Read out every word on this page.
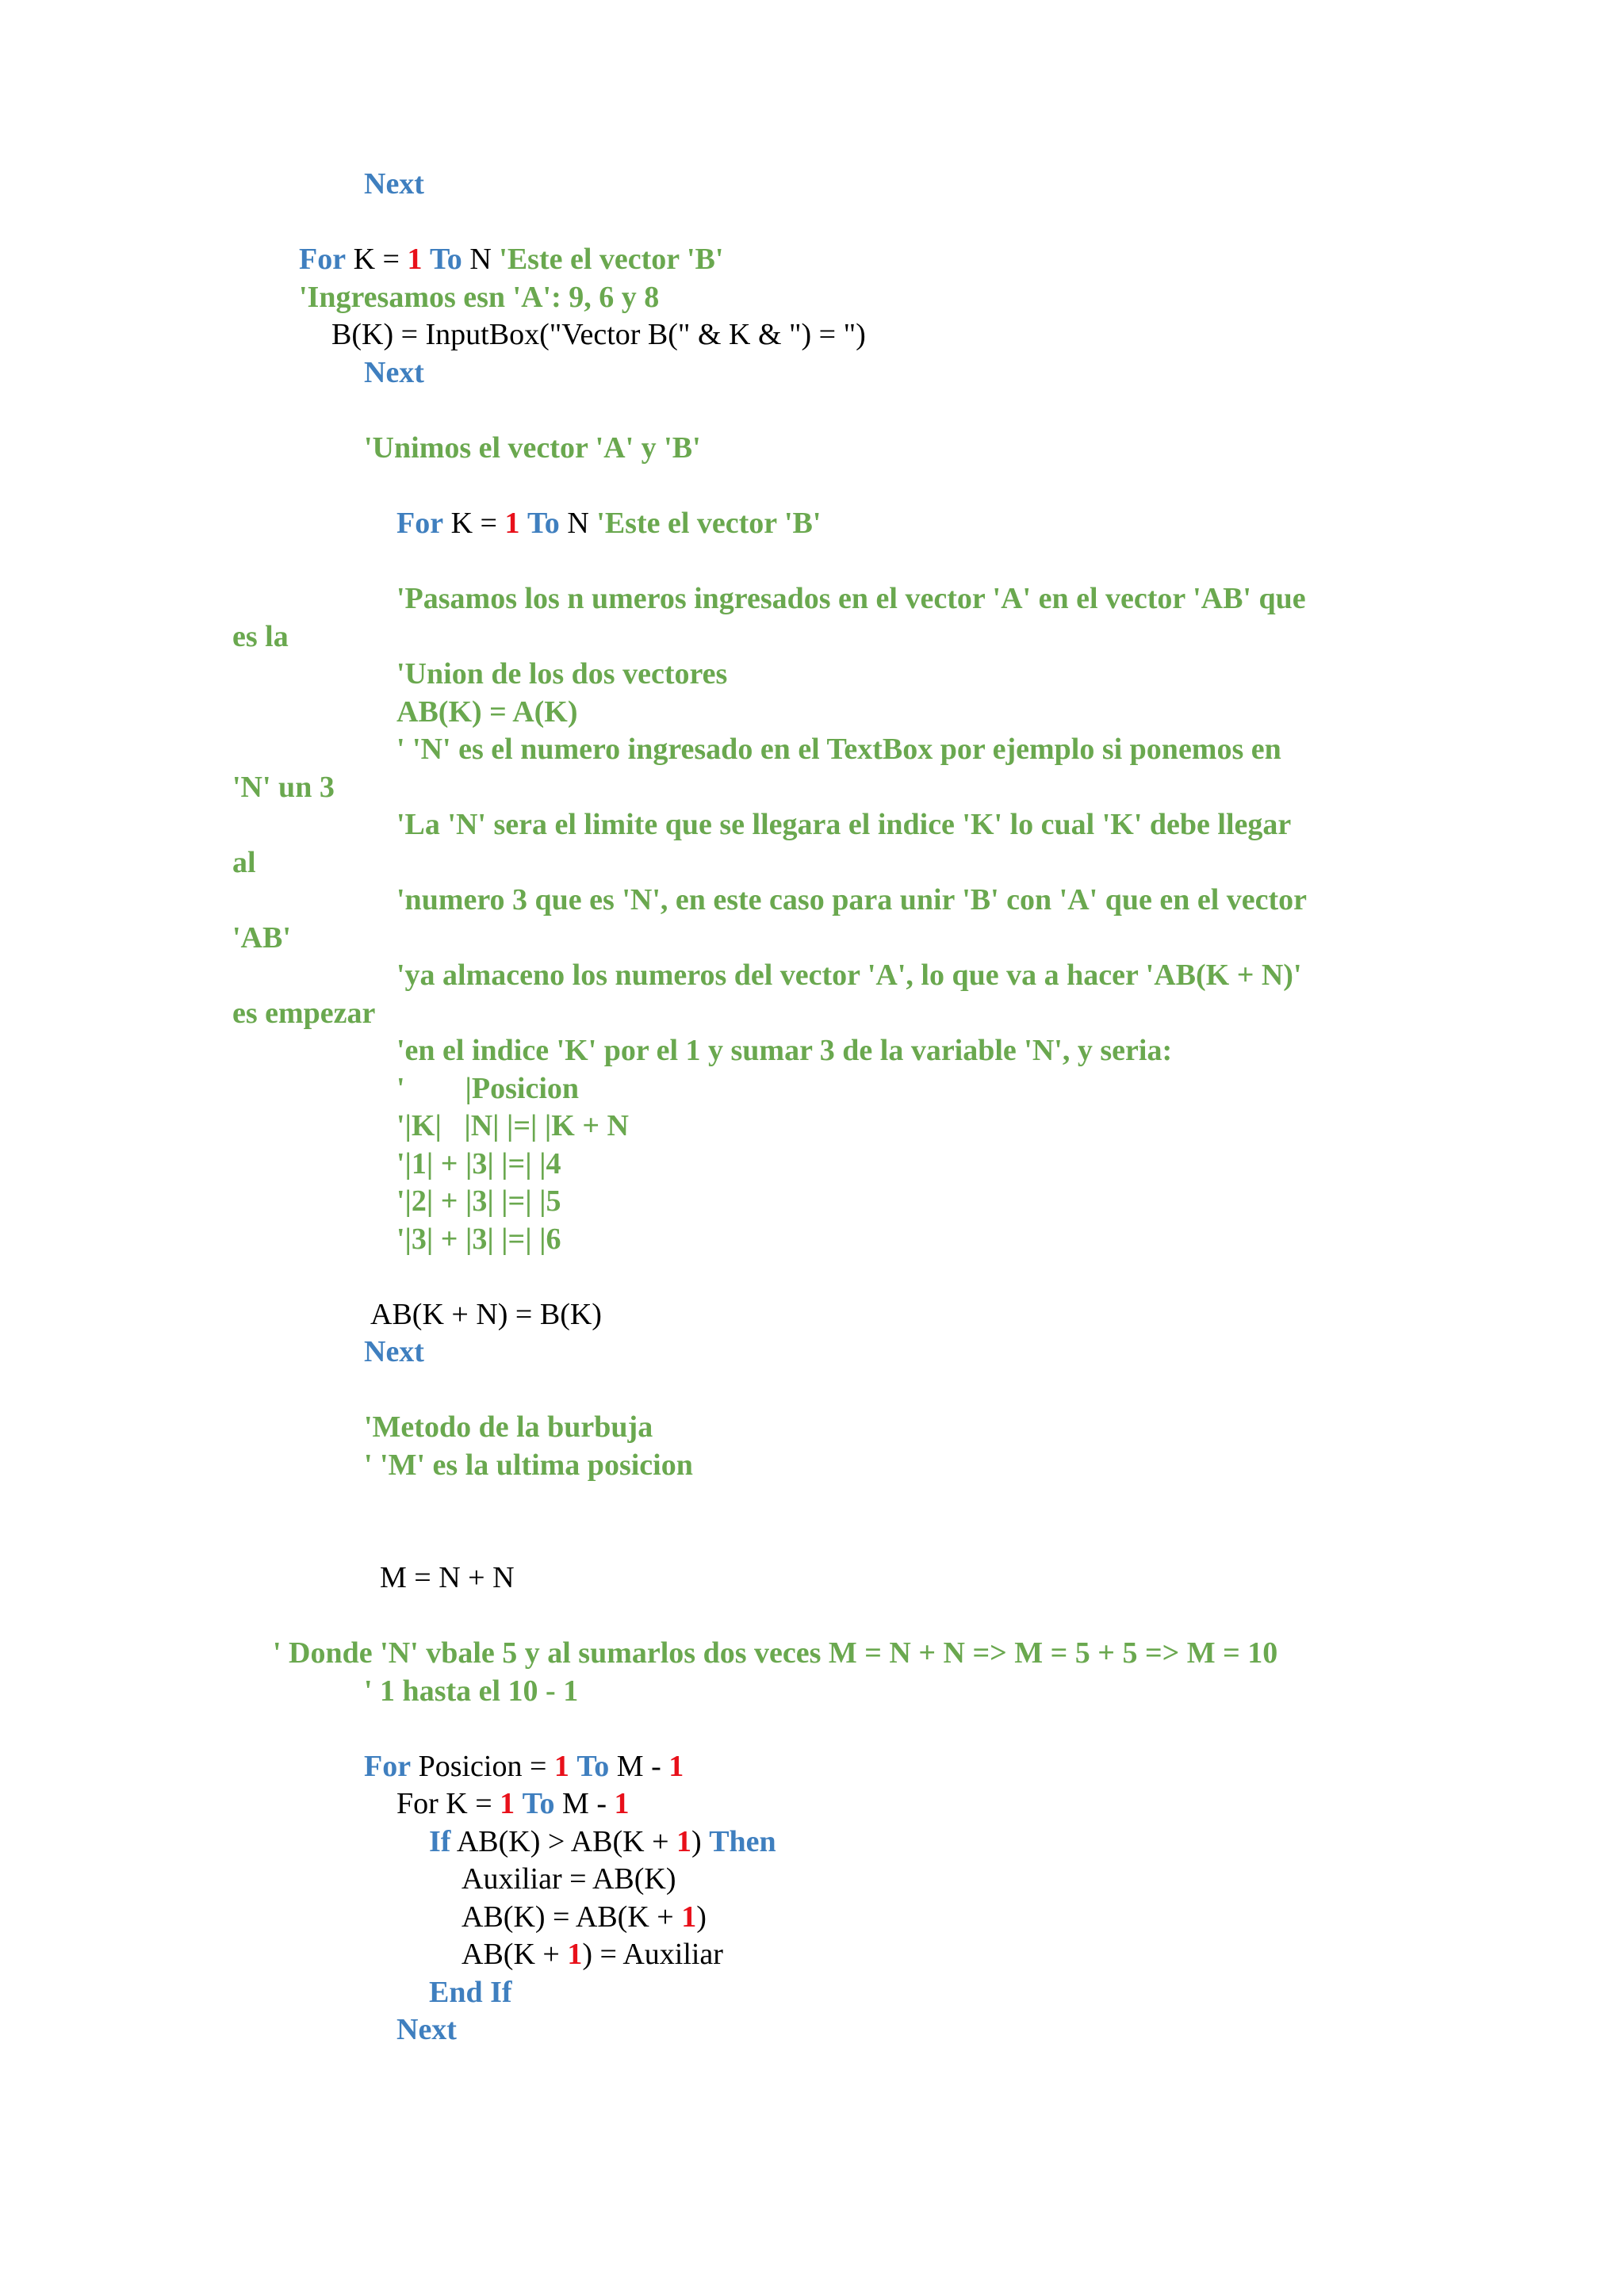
Next
For K = 1 To N 'Este el vector 'B'
'Ingresamos esn 'A': 9, 6 y 8
B(K) = InputBox("Vector B(" & K & ") = ")
Next
'Unimos el vector 'A' y 'B'
For K = 1 To N 'Este el vector 'B'
'Pasamos los n umeros ingresados en el vector 'A' en el vector 'AB' que
es la
'Union de los dos vectores
AB(K) = A(K)
' 'N' es el numero ingresado en el TextBox por ejemplo si ponemos en
'N' un 3
'La 'N' sera el limite que se llegara el indice 'K' lo cual 'K' debe llegar
al
'numero 3 que es 'N', en este caso para unir 'B' con 'A' que en el vector
'AB'
'ya almaceno los numeros del vector 'A', lo que va a hacer 'AB(K + N)'
es empezar
'en el indice 'K' por el 1 y sumar 3 de la variable 'N', y seria:
'        |Posicion
'|K|   |N| |=| |K + N
'|1| + |3| |=| |4
'|2| + |3| |=| |5
'|3| + |3| |=| |6
AB(K + N) = B(K)
Next
'Metodo de la burbuja
' 'M' es la ultima posicion
M = N + N
' Donde 'N' vbale 5 y al sumarlos dos veces M = N + N => M = 5 + 5 => M = 10
' 1 hasta el 10 - 1
For Posicion = 1 To M - 1
For K = 1 To M - 1
If AB(K) > AB(K + 1) Then
Auxiliar = AB(K)
AB(K) = AB(K + 1)
AB(K + 1) = Auxiliar
End If
Next
